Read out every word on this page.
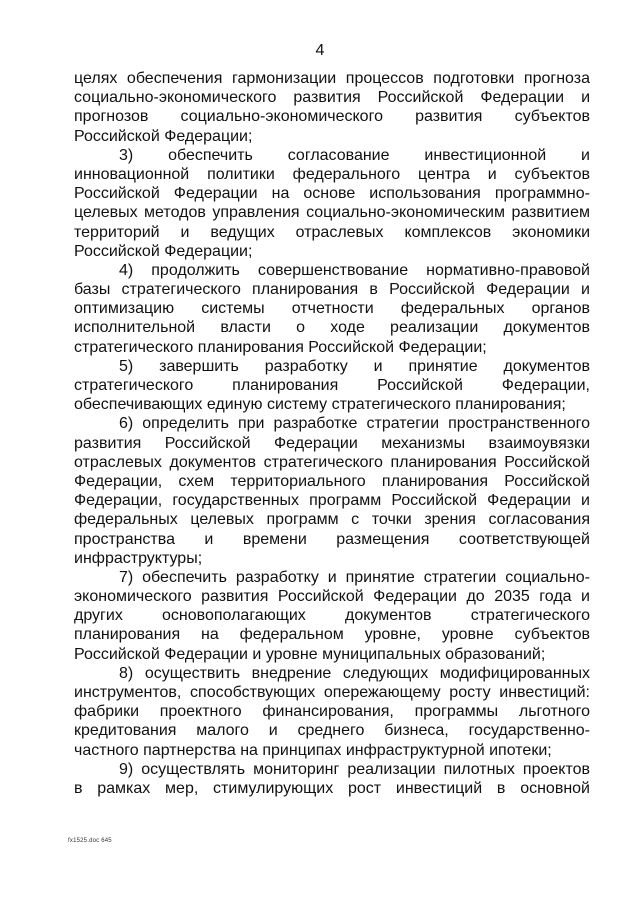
4
целях обеспечения гармонизации процессов подготовки прогноза
социально-экономического развития Российской Федерации и
прогнозов социально-экономического развития субъектов
Российской Федерации;
3) обеспечить согласование инвестиционной и
инновационной политики федерального центра и субъектов
Российской Федерации на основе использования программно-
целевых методов управления социально-экономическим развитием
территорий и ведущих отраслевых комплексов экономики
Российской Федерации;
4) продолжить совершенствование нормативно-правовой
базы стратегического планирования в Российской Федерации и
оптимизацию системы отчетности федеральных органов
исполнительной власти о ходе реализации документов
стратегического планирования Российской Федерации;
5) завершить разработку и принятие документов
стратегического планирования Российской Федерации,
обеспечивающих единую систему стратегического планирования;
6) определить при разработке стратегии пространственного
развития Российской Федерации механизмы взаимоувязки
отраслевых документов стратегического планирования Российской
Федерации, схем территориального планирования Российской
Федерации, государственных программ Российской Федерации и
федеральных целевых программ с точки зрения согласования
пространства и времени размещения соответствующей
инфраструктуры;
7) обеспечить разработку и принятие стратегии социально-
экономического развития Российской Федерации до 2035 года и
других основополагающих документов стратегического
планирования на федеральном уровне, уровне субъектов
Российской Федерации и уровне муниципальных образований;
8) осуществить внедрение следующих модифицированных
инструментов, способствующих опережающему росту инвестиций:
фабрики проектного финансирования, программы льготного
кредитования малого и среднего бизнеса, государственно-
частного партнерства на принципах инфраструктурной ипотеки;
9) осуществлять мониторинг реализации пилотных проектов
в рамках мер, стимулирующих рост инвестиций в основной
fx1525.doc 645
